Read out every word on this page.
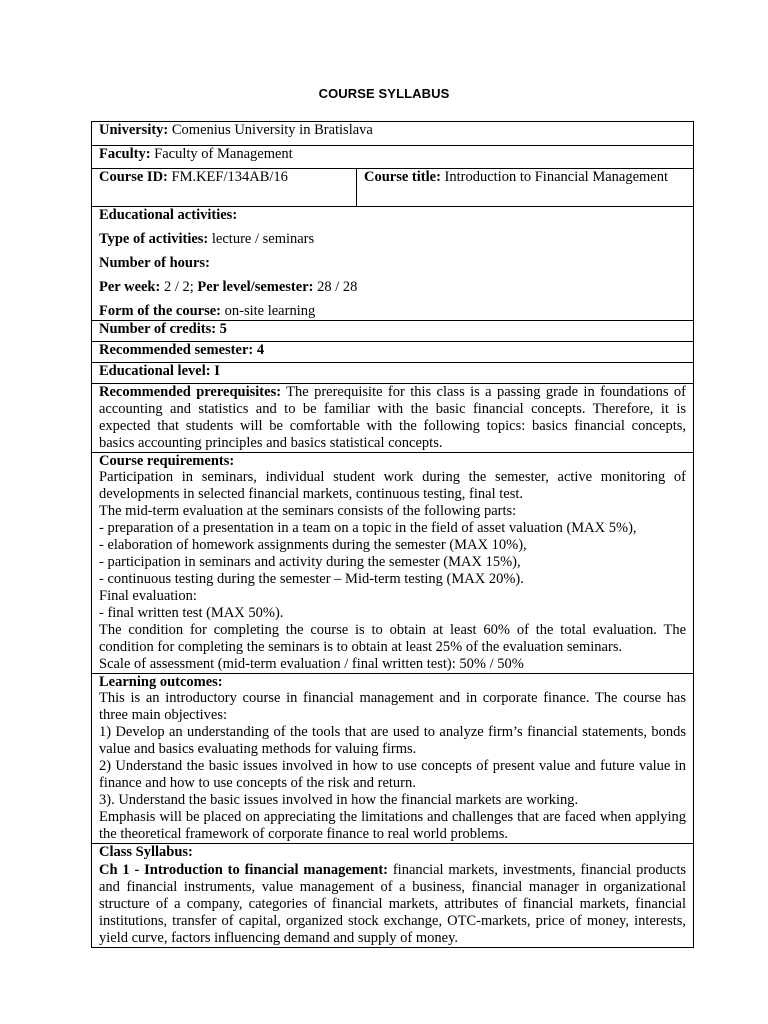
COURSE SYLLABUS
University: Comenius University in Bratislava
Faculty: Faculty of Management
Course ID: FM.KEF/134AB/16	Course title: Introduction to Financial Management

Educational activities:
Type of activities: lecture / seminars
Number of hours:
Per week: 2 / 2; Per level/semester: 28 / 28
Form of the course: on-site learning

Number of credits: 5
Recommended semester: 4
Educational level: I
Recommended prerequisites: The prerequisite for this class is a passing grade in foundations of accounting and statistics and to be familiar with the basic financial concepts. Therefore, it is expected that students will be comfortable with the following topics: basics financial concepts, basics accounting principles and basics statistical concepts.

Course requirements:
Participation in seminars, individual student work during the semester, active monitoring of developments in selected financial markets, continuous testing, final test.
The mid-term evaluation at the seminars consists of the following parts:
- preparation of a presentation in a team on a topic in the field of asset valuation (MAX 5%),
- elaboration of homework assignments during the semester (MAX 10%),
- participation in seminars and activity during the semester (MAX 15%),
- continuous testing during the semester – Mid-term testing (MAX 20%).
Final evaluation:
- final written test (MAX 50%).
The condition for completing the course is to obtain at least 60% of the total evaluation. The condition for completing the seminars is to obtain at least 25% of the evaluation seminars.
Scale of assessment (mid-term evaluation / final written test): 50% / 50%

Learning outcomes:
This is an introductory course in financial management and in corporate finance. The course has three main objectives:
1) Develop an understanding of the tools that are used to analyze firm’s financial statements, bonds value and basics evaluating methods for valuing firms.
2) Understand the basic issues involved in how to use concepts of present value and future value in finance and how to use concepts of the risk and return.
3). Understand the basic issues involved in how the financial markets are working.
Emphasis will be placed on appreciating the limitations and challenges that are faced when applying the theoretical framework of corporate finance to real world problems.

Class Syllabus:
Ch 1 - Introduction to financial management: financial markets, investments, financial products and financial instruments, value management of a business, financial manager in organizational structure of a company, categories of financial markets, attributes of financial markets, financial institutions, transfer of capital, organized stock exchange, OTC-markets, price of money, interests, yield curve, factors influencing demand and supply of money.
